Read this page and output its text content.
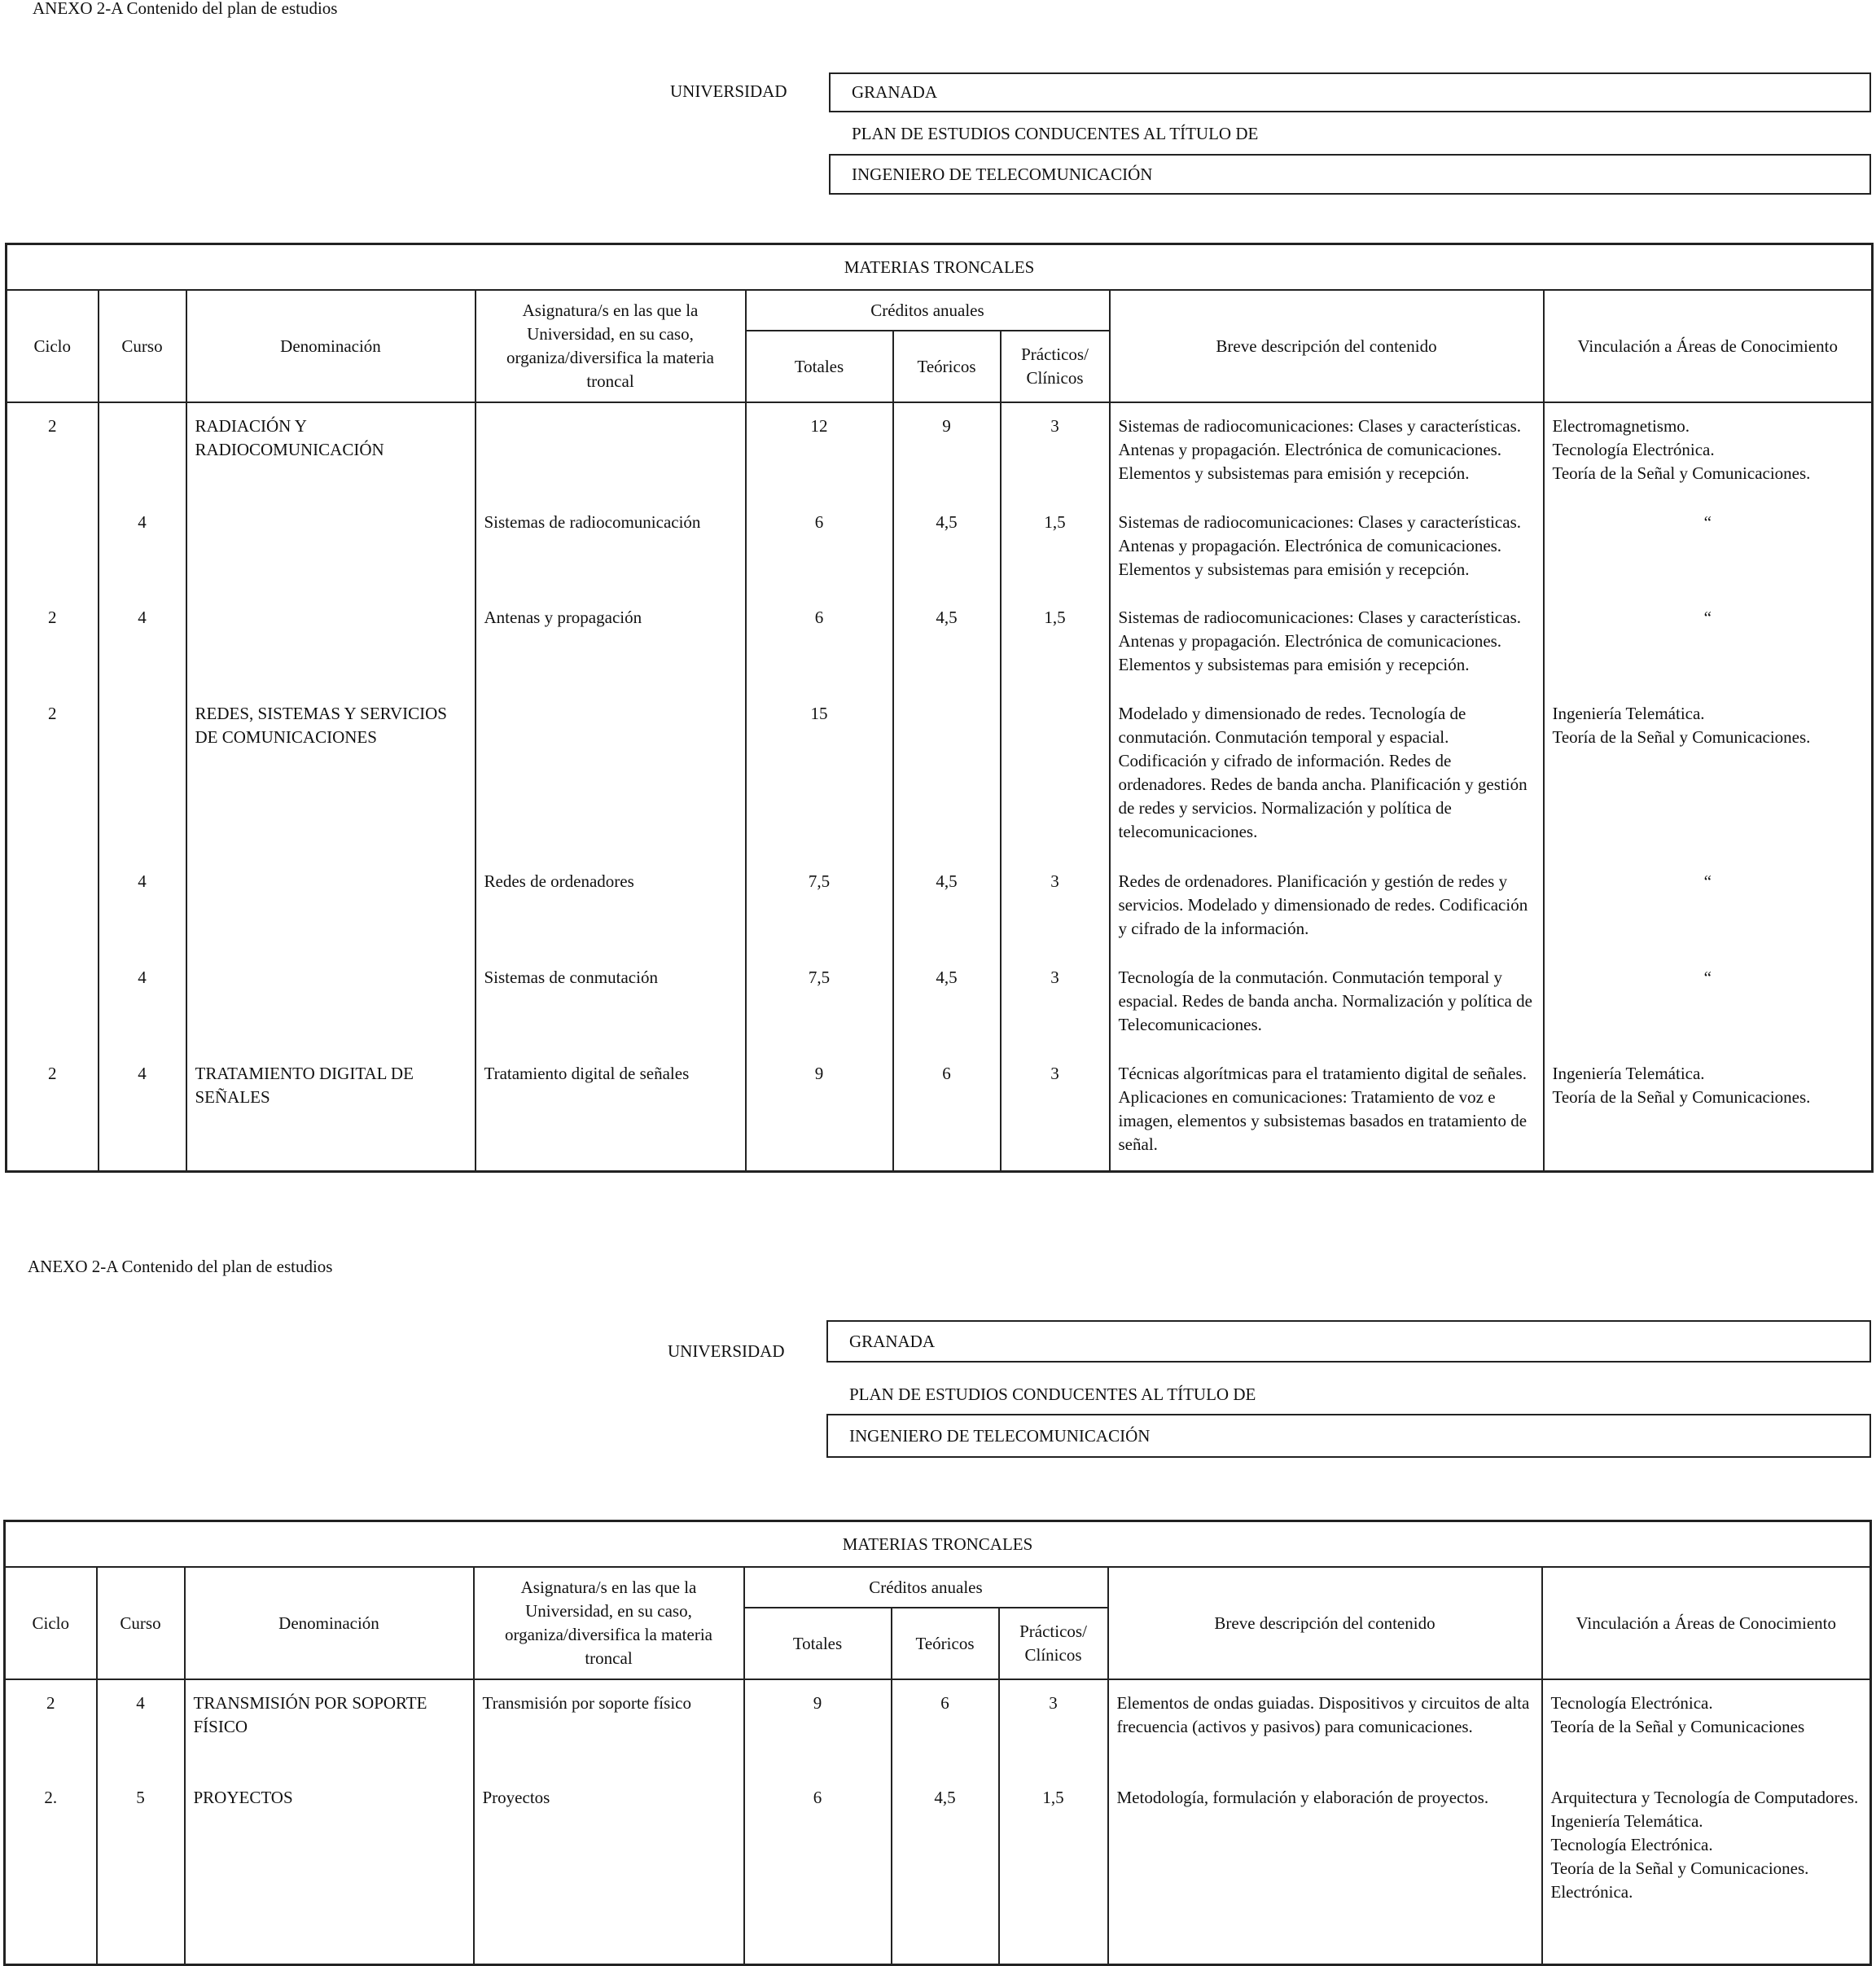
ANEXO 2-A Contenido del plan de estudios
UNIVERSIDAD	GRANADA
PLAN DE ESTUDIOS CONDUCENTES AL TÍTULO DE
INGENIERO DE TELECOMUNICACIÓN
MATERIAS TRONCALES								
Ciclo	Curso	Denominación	Asignatura/s en las que la Universidad, en su caso, organiza/diversifica la materia troncal	Créditos anuales			Breve descripción del contenido	Vinculación a Áreas de Conocimiento
				Totales	Teóricos	Prácticos/ Clínicos		
2		RADIACIÓN Y RADIOCOMUNICACIÓN		12	9	3	Sistemas de radiocomunicaciones: Clases y características. Antenas y propagación. Electrónica de comunicaciones. Elementos y subsistemas para emisión y recepción.	Electromagnetismo.
Tecnología Electrónica.
Teoría de la Señal y Comunicaciones.
	4		Sistemas de radiocomunicación	6	4,5	1,5	Sistemas de radiocomunicaciones: Clases y características. Antenas y propagación. Electrónica de comunicaciones. Elementos y subsistemas para emisión y recepción.	“
2	4		Antenas y propagación	6	4,5	1,5	Sistemas de radiocomunicaciones: Clases y características. Antenas y propagación. Electrónica de comunicaciones. Elementos y subsistemas para emisión y recepción.	“
2		REDES, SISTEMAS Y SERVICIOS DE COMUNICACIONES		15			Modelado y dimensionado de redes. Tecnología de conmutación. Conmutación temporal y espacial. Codificación y cifrado de información. Redes de ordenadores. Redes de banda ancha. Planificación y gestión de redes y servicios. Normalización y política de telecomunicaciones.	Ingeniería Telemática.
Teoría de la Señal y Comunicaciones.
	4		Redes de ordenadores	7,5	4,5	3	Redes de ordenadores. Planificación y gestión de redes y servicios. Modelado y dimensionado de redes. Codificación y cifrado de la información.	“
	4		Sistemas de conmutación	7,5	4,5	3	Tecnología de la conmutación. Conmutación temporal y espacial. Redes de banda ancha. Normalización y política de Telecomunicaciones.	“
2	4	TRATAMIENTO DIGITAL DE SEÑALES	Tratamiento digital de señales	9	6	3	Técnicas algorítmicas para el tratamiento digital de señales. Aplicaciones en comunicaciones: Tratamiento de voz e imagen, elementos y subsistemas basados en tratamiento de señal.	Ingeniería Telemática.
Teoría de la Señal y Comunicaciones.
ANEXO 2-A Contenido del plan de estudios
UNIVERSIDAD
GRANADA
PLAN DE ESTUDIOS CONDUCENTES AL TÍTULO DE
INGENIERO DE TELECOMUNICACIÓN
MATERIAS TRONCALES								
Ciclo	Curso	Denominación	Asignatura/s en las que la Universidad, en su caso, organiza/diversifica la materia troncal	Créditos anuales			Breve descripción del contenido	Vinculación a Áreas de Conocimiento
				Totales	Teóricos	Prácticos/ Clínicos		
2	4	TRANSMISIÓN POR SOPORTE FÍSICO	Transmisión por soporte físico	9	6	3	Elementos de ondas guiadas. Dispositivos y circuitos de alta frecuencia (activos y pasivos) para comunicaciones.	Tecnología Electrónica.
Teoría de la Señal y Comunicaciones
2.	5	PROYECTOS	Proyectos	6	4,5	1,5	Metodología, formulación y elaboración de proyectos.	Arquitectura y Tecnología de Computadores.
Ingeniería Telemática.
Tecnología Electrónica.
Teoría de la Señal y Comunicaciones.
Electrónica.
